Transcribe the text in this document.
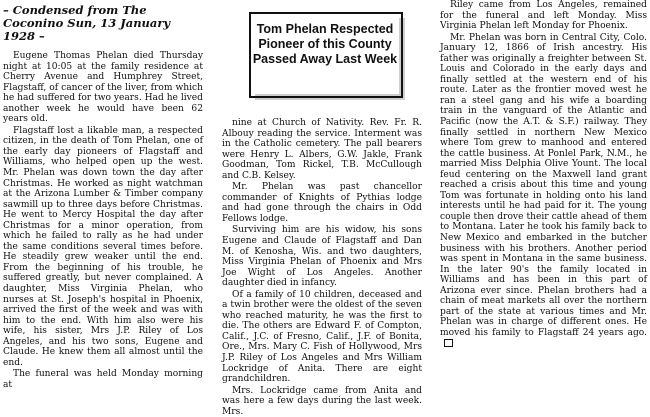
– Condensed from The Coconino Sun, 13 January 1928 –

Eugene Thomas Phelan died Thursday night at 10:05 at the family residence at Cherry Avenue and Humphrey Street, Flagstaff, of cancer of the liver, from which he had suffered for two years. Had he lived another week he would have been 62 years old.

Flagstaff lost a likable man, a respected citizen, in the death of Tom Phelan, one of the early day pioneers of Flagstaff and Williams, who helped open up the west. Mr. Phelan was down town the day after Christmas. He worked as night watchman at the Arizona Lumber & Timber company sawmill up to three days before Christmas. He went to Mercy Hospital the day after Christmas for a minor operation, from which he failed to rally as he had under the same conditions several times before. He steadily grew weaker until the end. From the beginning of his trouble, he suffered greatly, but never complained. A daughter, Miss Virginia Phelan, who nurses at St. Joseph's hospital in Phoenix, arrived the first of the week and was with him to the end. With him also were his wife, his sister, Mrs J.P. Riley of Los Angeles, and his two sons, Eugene and Claude. He knew them all almost until the end.

The funeral was held Monday morning at

Tom Phelan Respected
Pioneer of this County
Passed Away Last Week

nine at Church of Nativity. Rev. Fr. R. Albouy reading the service. Interment was in the Catholic cemetery. The pall bearers were Henry L. Albers, G.W. Jakle, Frank Goodman, Tom Rickel, T.B. McCullough and C.B. Kelsey.

Mr. Phelan was past chancellor commander of Knights of Pythias lodge and had gone through the chairs in Odd Fellows lodge.

Surviving him are his widow, his sons Eugene and Claude of Flagstaff and Dan M. of Kenosha, Wis. and two daughters, Miss Virginia Phelan of Phoenix and Mrs Joe Wight of Los Angeles. Another daughter died in infancy.

Of a family of 10 children, deceased and a twin brother were the oldest of the seven who reached maturity, he was the first to die. The others are Edward F. of Compton, Calif., J.C. of Fresno, Calif., J.F. of Bonita, Ore., Mrs. Mary C. Fish of Hollywood, Mrs J.P. Riley of Los Angeles and Mrs William Lockridge of Anita. There are eight grandchildren.

Mrs. Lockridge came from Anita and was here a few days during the last week. Mrs.

Riley came from Los Angeles, remained for the funeral and left Monday. Miss Virginia Phelan left Monday for Phoenix.

Mr. Phelan was born in Central City, Colo. January 12, 1866 of Irish ancestry. His father was originally a freighter between St. Louis and Colorado in the early days and finally settled at the western end of his route. Later as the frontier moved west he ran a steel gang and his wife a boarding train in the vanguard of the Atlantic and Pacific (now the A.T. & S.F.) railway. They finally settled in northern New Mexico where Tom grew to manhood and entered the cattle business. At Ponlel Park, N.M., he married Miss Delphia Olive Yount. The local feud centering on the Maxwell land grant reached a crisis about this time and young Tom was fortunate in holding onto his land interests until he had paid for it. The young couple then drove their cattle ahead of them to Montana. Later he took his family back to New Mexico and embarked in the butcher business with his brothers. Another period was spent in Montana in the same business. In the later 90's the family located in Williams and has been in this part of Arizona ever since. Phelan brothers had a chain of meat markets all over the northern part of the state at various times and Mr. Phelan was in charge of different ones. He moved his family to Flagstaff 24 years ago.
